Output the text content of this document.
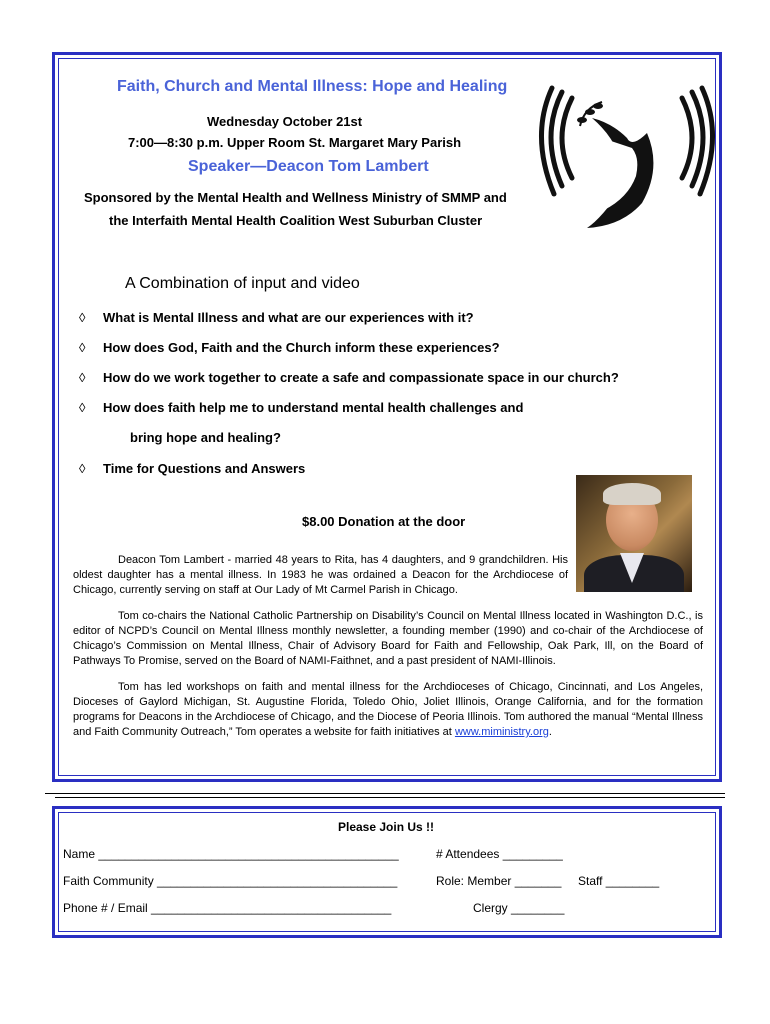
Faith, Church and Mental Illness: Hope and Healing
Wednesday October 21st
7:00—8:30 p.m. Upper Room St. Margaret Mary Parish
Speaker—Deacon Tom Lambert
Sponsored by the Mental Health and Wellness Ministry of SMMP and
the Interfaith Mental Health Coalition West Suburban Cluster
A Combination of input and video
◊ What is Mental Illness and what are our experiences with it?
◊ How does God, Faith and the Church inform these experiences?
◊ How do we work together to create a safe and compassionate space in our church?
◊ How does faith help me to understand mental health challenges and
bring hope and healing?
◊ Time for Questions and Answers
$8.00 Donation at the door
Deacon Tom Lambert - married 48 years to Rita, has 4 daughters, and 9 grandchildren. His oldest daughter has a mental illness. In 1983 he was ordained a Deacon for the Archdiocese of Chicago, currently serving on staff at Our Lady of Mt Carmel Parish in Chicago.
Tom co-chairs the National Catholic Partnership on Disability’s Council on Mental Illness located in Washington D.C., is editor of NCPD’s Council on Mental Illness monthly newsletter, a founding member (1990) and co-chair of the Archdiocese of Chicago’s Commission on Mental Illness, Chair of Advisory Board for Faith and Fellowship, Oak Park, Ill, on the Board of Pathways To Promise, served on the Board of NAMI-Faithnet, and a past president of NAMI-Illinois.
Tom has led workshops on faith and mental illness for the Archdioceses of Chicago, Cincinnati, and Los Angeles, Dioceses of Gaylord Michigan, St. Augustine Florida, Toledo Ohio, Joliet Illinois, Orange California, and for the formation programs for Deacons in the Archdiocese of Chicago, and the Diocese of Peoria Illinois. Tom authored the manual “Mental Illness and Faith Community Outreach,” Tom operates a website for faith initiatives at www.miministry.org.
Please Join Us !!
Name _____________________________________________	# Attendees _________
Faith Community ____________________________________	Role: Member _______ Staff ________
Phone # / Email ____________________________________	Clergy ________
